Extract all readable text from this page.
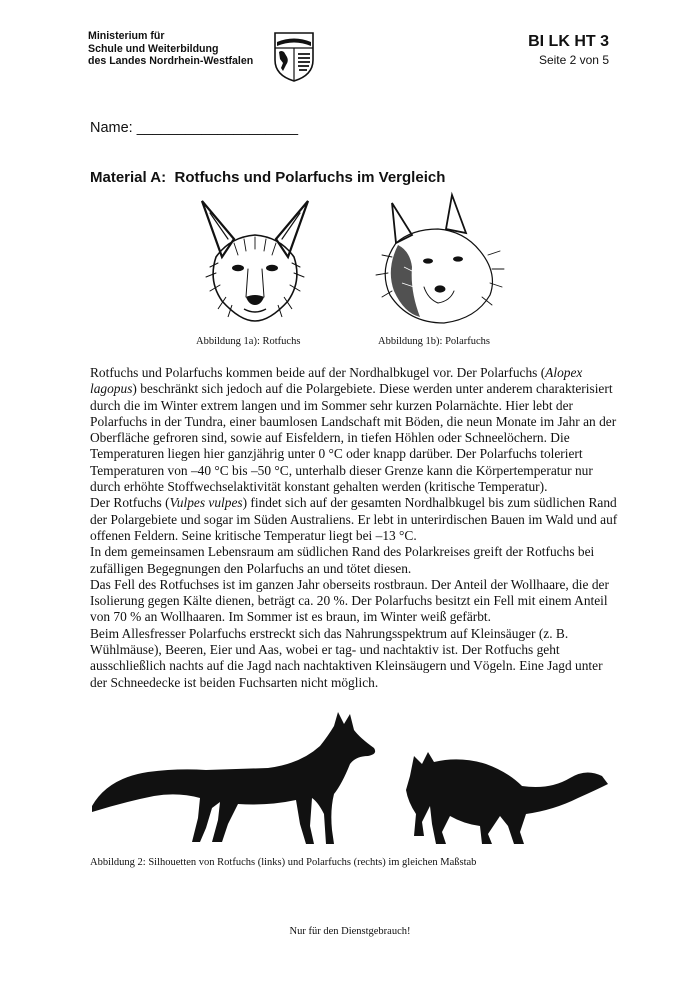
Ministerium für
Schule und Weiterbildung
des Landes Nordrhein-Westfalen
BI LK HT 3
Seite 2 von 5
Name: ____________________
Material A: Rotfuchs und Polarfuchs im Vergleich
Abbildung 1a): Rotfuchs	Abbildung 1b): Polarfuchs

Rotfuchs und Polarfuchs kommen beide auf der Nordhalbkugel vor. Der Polarfuchs (Alopex lagopus) beschränkt sich jedoch auf die Polargebiete. Diese werden unter anderem charakterisiert durch die im Winter extrem langen und im Sommer sehr kurzen Polarnächte. Hier lebt der Polarfuchs in der Tundra, einer baumlosen Landschaft mit Böden, die neun Monate im Jahr an der Oberfläche gefroren sind, sowie auf Eisfeldern, in tiefen Höhlen oder Schneelöchern. Die Temperaturen liegen hier ganzjährig unter 0 °C oder knapp darüber. Der Polarfuchs toleriert Temperaturen von –40 °C bis –50 °C, unterhalb dieser Grenze kann die Körpertemperatur nur durch erhöhte Stoffwechselaktivität konstant gehalten werden (kritische Temperatur).

Der Rotfuchs (Vulpes vulpes) findet sich auf der gesamten Nordhalbkugel bis zum südlichen Rand der Polargebiete und sogar im Süden Australiens. Er lebt in unterirdischen Bauen im Wald und auf offenen Feldern. Seine kritische Temperatur liegt bei –13 °C.

In dem gemeinsamen Lebensraum am südlichen Rand des Polarkreises greift der Rotfuchs bei zufälligen Begegnungen den Polarfuchs an und tötet diesen.

Das Fell des Rotfuchses ist im ganzen Jahr oberseits rostbraun. Der Anteil der Wollhaare, die der Isolierung gegen Kälte dienen, beträgt ca. 20 %. Der Polarfuchs besitzt ein Fell mit einem Anteil von 70 % an Wollhaaren. Im Sommer ist es braun, im Winter weiß gefärbt.

Beim Allesfresser Polarfuchs erstreckt sich das Nahrungsspektrum auf Kleinsäuger (z. B. Wühlmäuse), Beeren, Eier und Aas, wobei er tag- und nachtaktiv ist. Der Rotfuchs geht ausschließlich nachts auf die Jagd nach nachtaktiven Kleinsäugern und Vögeln. Eine Jagd unter der Schneedecke ist beiden Fuchsarten nicht möglich.

Abbildung 2: Silhouetten von Rotfuchs (links) und Polarfuchs (rechts) im gleichen Maßstab
Nur für den Dienstgebrauch!
